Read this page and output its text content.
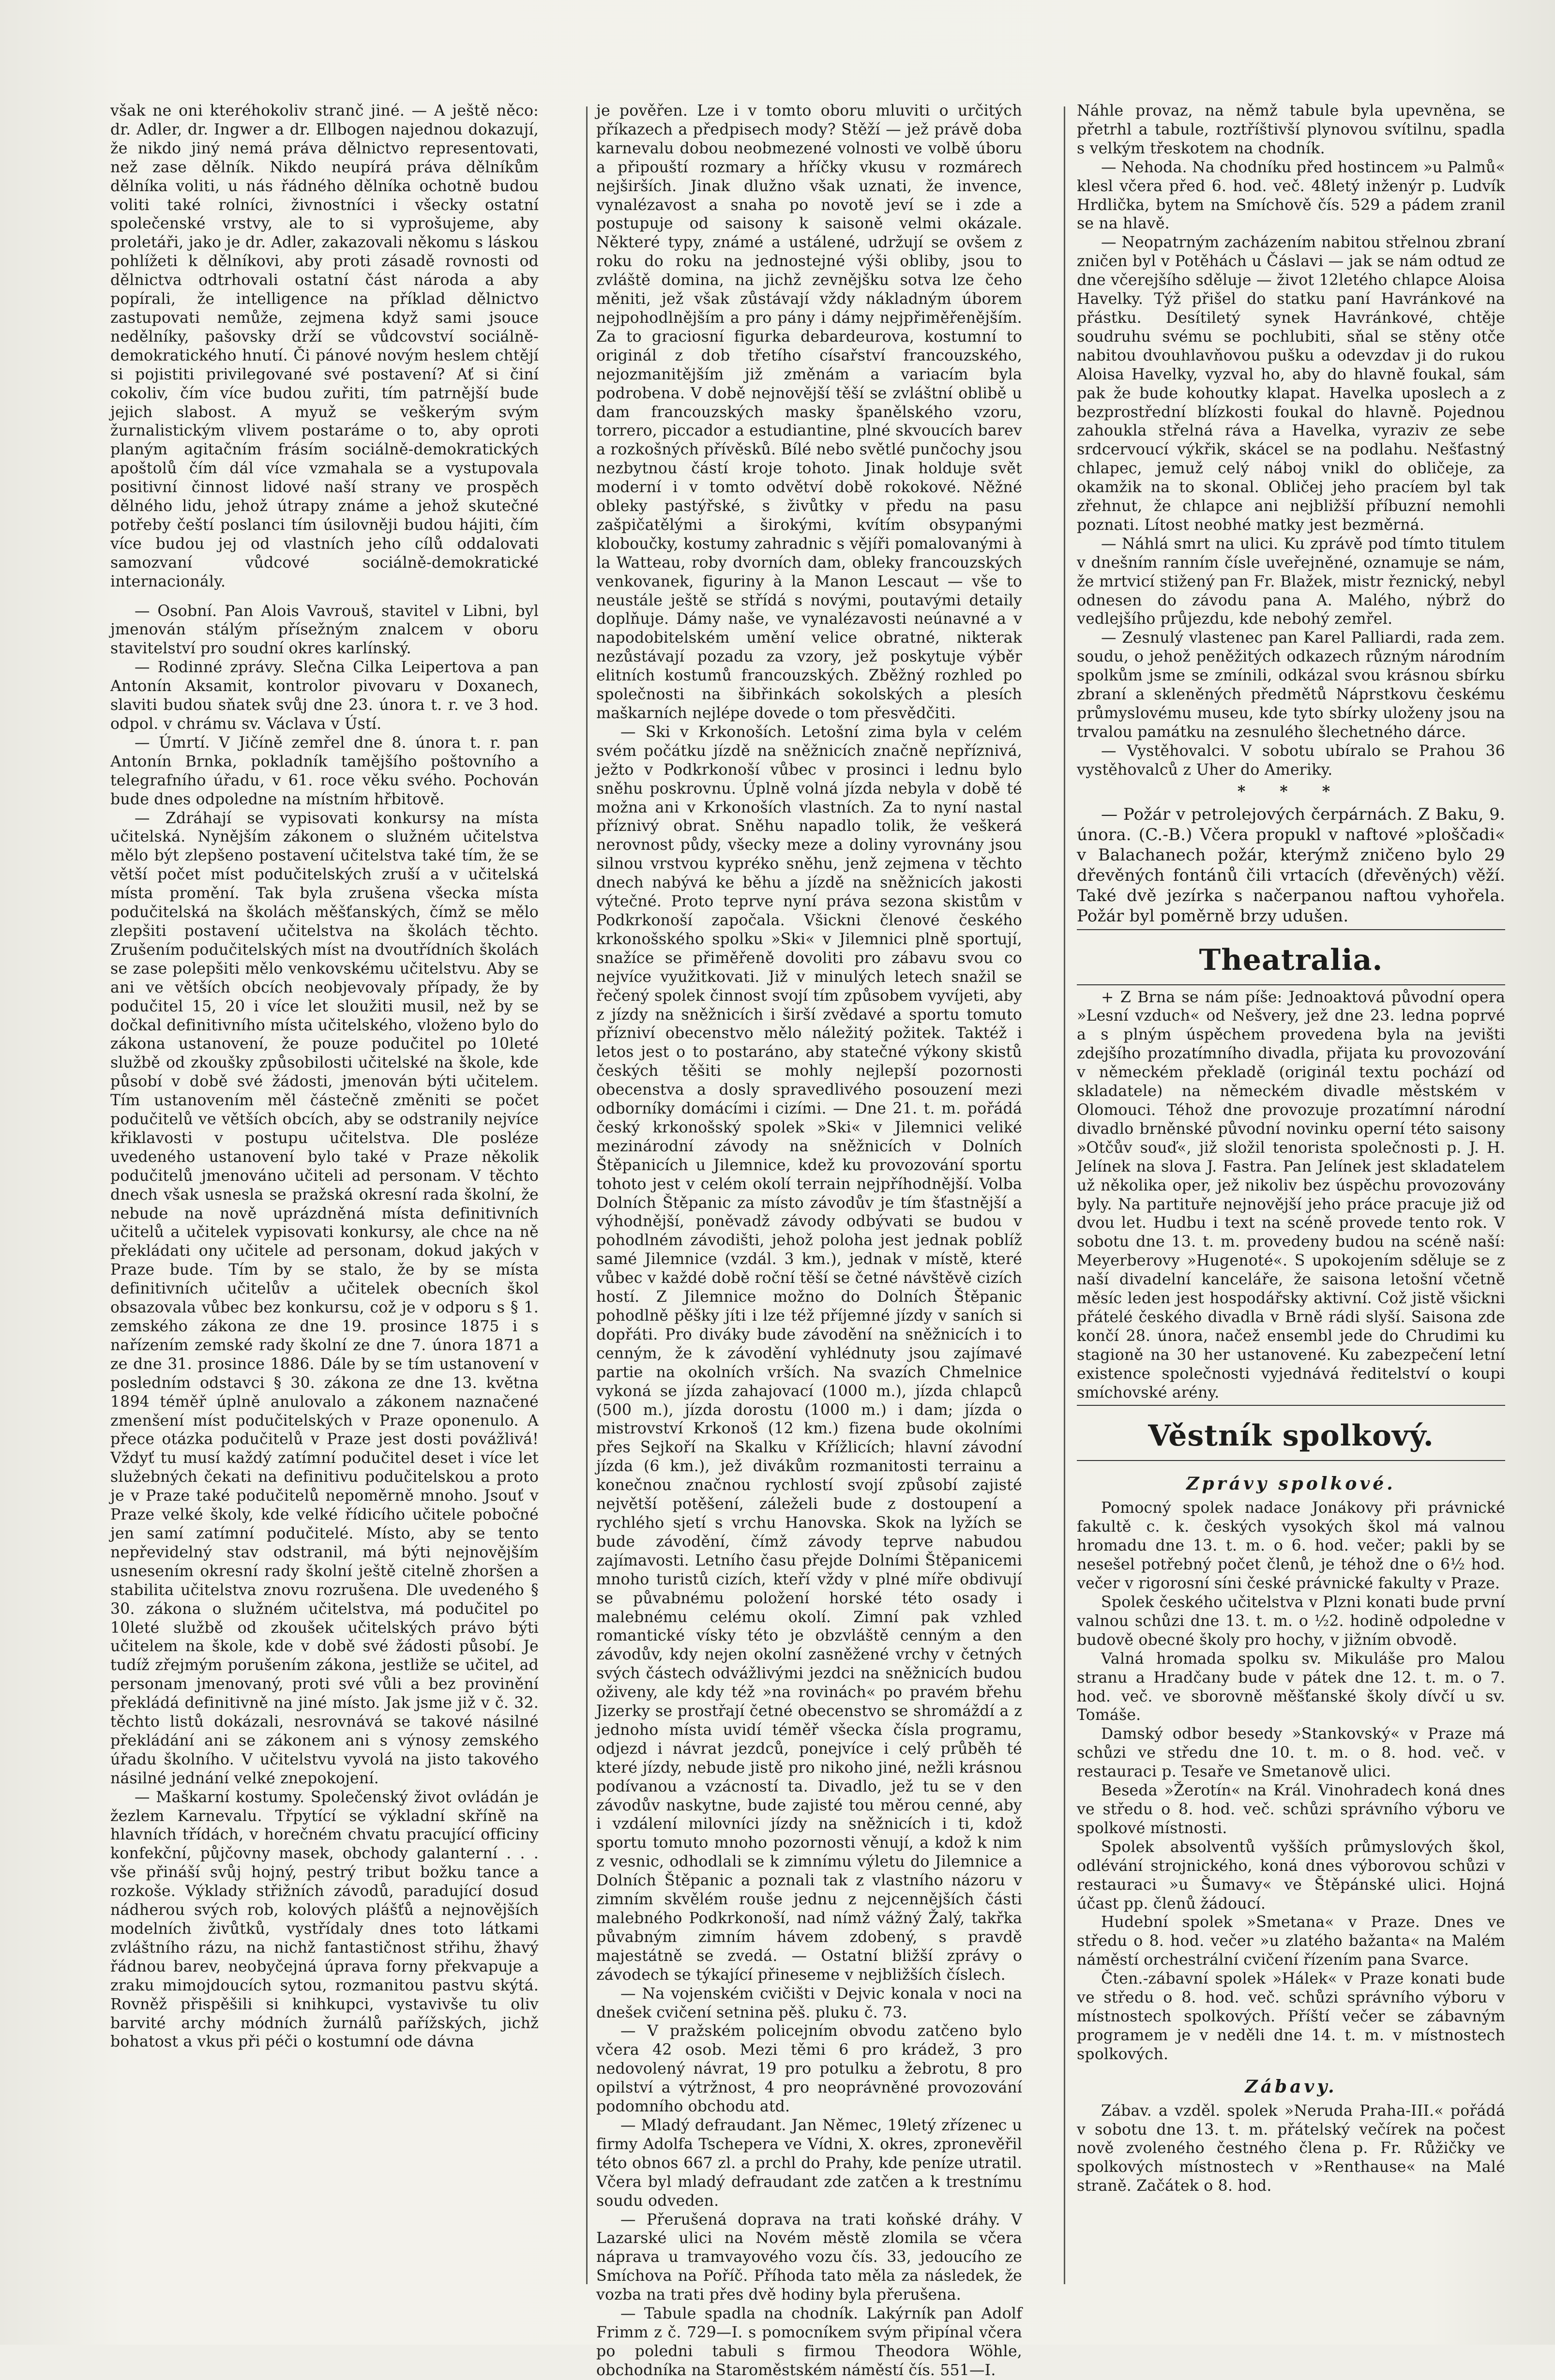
však ne oni kteréhokoliv stranč jiné. — A ještě něco: dr. Adler, dr. Ingwer a dr. Ellbogen najednou dokazují, že nikdo jiný nemá práva dělnictvo representovati, než zase dělník. Nikdo neupírá práva dělníkům dělníka voliti, u nás řádného dělníka ochotně budou voliti také rolníci, živnostníci i všecky ostatní společenské vrstvy, ale to si vyprošujeme, aby proletáři, jako je dr. Adler, zakazovali někomu s láskou pohlížeti k dělníkovi, aby proti zásadě rovnosti od dělnictva odtrhovali ostatní část národa a aby popírali, že intelligence na příklad dělnictvo zastupovati nemůže, zejmena když sami jsouce nedělníky, pašovsky drží se vůdcovství sociálně-demokratického hnutí. Či pánové novým heslem chtějí si pojistiti privilegované své postavení? Ať si činí cokoliv, čím více budou zuřiti, tím patrnější bude jejich slabost. A myuž se veškerým svým žurnalistickým vlivem postaráme o to, aby oproti planým agitačním frásím sociálně-demokratických apoštolů čím dál více vzmahala se a vystupovala positivní činnost lidové naší strany ve prospěch dělného lidu, jehož útrapy známe a jehož skutečné potřeby čeští poslanci tím úsilovněji budou hájiti, čím více budou jej od vlastních jeho cílů oddalovati samozvaní vůdcové sociálně-demokratické internacionály.

— Osobní. Pan Alois Vavrouš, stavitel v Libni, byl jmenován stálým přísežným znalcem v oboru stavitelství pro soudní okres karlínský.

— Rodinné zprávy. Slečna Cilka Leipertova a pan Antonín Aksamit, kontrolor pivovaru v Doxanech, slaviti budou sňatek svůj dne 23. února t. r. ve 3 hod. odpol. v chrámu sv. Václava v Ústí.

— Úmrtí. V Jičíně zemřel dne 8. února t. r. pan Antonín Brnka, pokladník tamějšího poštovního a telegrafního úřadu, v 61. roce věku svého. Pochován bude dnes odpoledne na místním hřbitově.

— Zdráhají se vypisovati konkursy na místa učitelská. Nynějším zákonem o služném učitelstva mělo být zlepšeno postavení učitelstva také tím, že se větší počet míst podučitelských zruší a v učitelská místa promění. Tak byla zrušena všecka místa podučitelská na školách měšťanských, čímž se mělo zlepšiti postavení učitelstva na školách těchto. Zrušením podučitelských míst na dvoutřídních školách se zase polepšiti mělo venkovskému učitelstvu. Aby se ani ve větších obcích neobjevovaly případy, že by podučitel 15, 20 i více let sloužiti musil, než by se dočkal definitivního místa učitelského, vloženo bylo do zákona ustanovení, že pouze podučitel po 10leté službě od zkoušky způsobilosti učitelské na škole, kde působí v době své žádosti, jmenován býti učitelem. Tím ustanovením měl částečně změniti se počet podučitelů ve větších obcích, aby se odstranily nejvíce křiklavosti v postupu učitelstva. Dle posléze uvedeného ustanovení bylo také v Praze několik podučitelů jmenováno učiteli ad personam. V těchto dnech však usnesla se pražská okresní rada školní, že nebude na nově uprázdněná místa definitivních učitelů a učitelek vypisovati konkursy, ale chce na ně překládati ony učitele ad personam, dokud jakých v Praze bude. Tím by se stalo, že by se místa definitivních učitelův a učitelek obecních škol obsazovala vůbec bez konkursu, což je v odporu s § 1. zemského zákona ze dne 19. prosince 1875 i s nařízením zemské rady školní ze dne 7. února 1871 a ze dne 31. prosince 1886. Dále by se tím ustanovení v posledním odstavci § 30. zákona ze dne 13. května 1894 téměř úplně anulovalo a zákonem naznačené zmenšení míst podučitelských v Praze oponenulo. A přece otázka podučitelů v Praze jest dosti povážlivá! Vždyť tu musí každý zatímní podučitel deset i více let služebných čekati na definitivu podučitelskou a proto je v Praze také podučitelů nepoměrně mnoho. Jsouť v Praze velké školy, kde velké řídicího učitele pobočné jen samí zatímní podučitelé. Místo, aby se tento nepřevidelný stav odstranil, má býti nejnovějším usnesením okresní rady školní ještě citelně zhoršen a stabilita učitelstva znovu rozrušena. Dle uvedeného § 30. zákona o služném učitelstva, má podučitel po 10leté službě od zkoušek učitelských právo býti učitelem na škole, kde v době své žádosti působí. Je tudíž zřejmým porušením zákona, jestliže se učitel, ad personam jmenovaný, proti své vůli a bez provinění překládá definitivně na jiné místo. Jak jsme již v č. 32. těchto listů dokázali, nesrovnává se takové násilné překládání ani se zákonem ani s výnosy zemského úřadu školního. V učitelstvu vyvolá na jisto takového násilné jednání velké znepokojení.

— Maškarní kostumy. Společenský život ovládán je žezlem Karnevalu. Třpytící se výkladní skříně na hlavních třídách, v horečném chvatu pracující officiny konfekční, půjčovny masek, obchody galanterní . . . vše přináší svůj hojný, pestrý tribut božku tance a rozkoše. Výklady střižních závodů, paradující dosud nádherou svých rob, kolových plášťů a nejnovějších modelních živůtků, vystřídaly dnes toto látkami zvláštního rázu, na nichž fantastičnost střihu, žhavý řádnou barev, neobyčejná úprava forny překvapuje a zraku mimojdoucích sytou, rozmanitou pastvu skýtá. Rovněž přispěšili si knihkupci, vystavivše tu oliv barvité archy módních žurnálů pařížských, jichž bohatost a vkus při péči o kostumní ode dávna

je pověřen. Lze i v tomto oboru mluviti o určitých příkazech a předpisech mody? Stěží — jež právě doba karnevalu dobou neobmezené volnosti ve volbě úboru a připouští rozmary a hříčky vkusu v rozmárech nejširších. Jinak dlužno však uznati, že invence, vynalézavost a snaha po novotě jeví se i zde a postupuje od saisony k saisoně velmi okázale. Některé typy, známé a ustálené, udržují se ovšem z roku do roku na jednostejné výši obliby, jsou to zvláště domina, na jichž zevnějšku sotva lze čeho měniti, jež však zůstávají vždy nákladným úborem nejpohodlnějším a pro pány i dámy nejpřiměřenějším. Za to graciosní figurka debardeurova, kostumní to originál z dob třetího císařství francouzského, nejozmanitějším již změnám a variacím byla podrobena. V době nejnovější těší se zvláštní oblibě u dam francouzských masky španělského vzoru, torrero, piccador a estudiantine, plné skvoucích barev a rozkošných přívěsků. Bílé nebo světlé punčochy jsou nezbytnou částí kroje tohoto. Jinak holduje svět moderní i v tomto odvětví době rokokové. Něžné obleky pastýřské, s živůtky v předu na pasu zašpičatělými a širokými, kvítím obsypanými kloboučky, kostumy zahradnic s vějíři pomalovanými à la Watteau, roby dvorních dam, obleky francouzských venkovanek, figuriny à la Manon Lescaut — vše to neustále ještě se střídá s novými, poutavými detaily doplňuje. Dámy naše, ve vynalézavosti neúnavné a v napodobitelském umění velice obratné, nikterak nezůstávají pozadu za vzory, jež poskytuje výběr elitních kostumů francouzských. Zběžný rozhled po společnosti na šibřinkách sokolských a plesích maškarních nejlépe dovede o tom přesvědčiti.

— Ski v Krkonoších. Letošní zima byla v celém svém počátku jízdě na sněžnicích značně nepříznivá, ježto v Podkrkonoší vůbec v prosinci i lednu bylo sněhu poskrovnu. Úplně volná jízda nebyla v době té možna ani v Krkonoších vlastních. Za to nyní nastal příznivý obrat. Sněhu napadlo tolik, že veškerá nerovnost půdy, všecky meze a doliny vyrovnány jsou silnou vrstvou kypréko sněhu, jenž zejmena v těchto dnech nabývá ke běhu a jízdě na sněžnicích jakosti výtečné. Proto teprve nyní práva sezona skistům v Podkrkonoší započala. Všickni členové českého krkonošského spolku »Ski« v Jilemnici plně sportují, snažíce se přiměřeně dovoliti pro zábavu svou co nejvíce využitkovati. Již v minulých letech snažil se řečený spolek činnost svojí tím způsobem vyvíjeti, aby z jízdy na sněžnicích i širší zvědavé a sportu tomuto přízniví obecenstvo mělo náležitý požitek. Taktéž i letos jest o to postaráno, aby statečné výkony skistů českých těšiti se mohly nejlepší pozornosti obecenstva a dosly spravedlivého posouzení mezi odborníky domácími i cizími. — Dne 21. t. m. pořádá český krkonošský spolek »Ski« v Jilemnici veliké mezinárodní závody na sněžnicích v Dolních Štěpanicích u Jilemnice, kdež ku provozování sportu tohoto jest v celém okolí terrain nejpříhodnější. Volba Dolních Štěpanic za místo závodův je tím šťastnější a výhodnější, poněvadž závody odbývati se budou v pohodlném závodišti, jehož poloha jest jednak poblíž samé Jilemnice (vzdál. 3 km.), jednak v místě, které vůbec v každé době roční těší se četné návštěvě cizích hostí. Z Jilemnice možno do Dolních Štěpanic pohodlně pěšky jíti i lze též příjemné jízdy v saních si dopřáti. Pro diváky bude závodění na sněžnicích i to cenným, že k závodění vyhlédnuty jsou zajímavé partie na okolních vrších. Na svazích Chmelnice vykoná se jízda zahajovací (1000 m.), jízda chlapců (500 m.), jízda dorostu (1000 m.) i dam; jízda o mistrovství Krkonoš (12 km.) fizena bude okolními přes Sejkoří na Skalku v Křížlicích; hlavní závodní jízda (6 km.), jež divákům rozmanitosti terrainu a konečnou značnou rychlostí svojí způsobí zajisté největší potěšení, záleželi bude z dostoupení a rychlého sjetí s vrchu Hanovska. Skok na lyžích se bude závodění, čímž závody teprve nabudou zajímavosti. Letního času přejde Dolními Štěpanicemi mnoho turistů cizích, kteří vždy v plné míře obdivují se půvabnému položení horské této osady i malebnému celému okolí. Zimní pak vzhled romantické vísky této je obzvláště cenným a den závodův, kdy nejen okolní zasněžené vrchy v četných svých částech odvážlivými jezdci na sněžnicích budou oživeny, ale kdy též »na rovinách« po pravém břehu Jizerky se prostřají četné obecenstvo se shromáždí a z jednoho místa uvidí téměř všecka čísla programu, odjezd i návrat jezdců, ponejvíce i celý průběh té které jízdy, nebude jistě pro nikoho jiné, nežli krásnou podívanou a vzácností ta. Divadlo, jež tu se v den závodův naskytne, bude zajisté tou měrou cenné, aby i vzdálení milovníci jízdy na sněžnicích i ti, kdož sportu tomuto mnoho pozornosti věnují, a kdož k nim z vesnic, odhodlali se k zimnímu výletu do Jilemnice a Dolních Štěpanic a poznali tak z vlastního názoru v zimním skvělém rouše jednu z nejcennějších části malebného Podkrkonoší, nad nímž vážný Žalý, takřka půvabným zimním hávem zdobený, s pravdě majestátně se zvedá. — Ostatní bližší zprávy o závodech se týkající přineseme v nejbližších číslech.

— Na vojenském cvičišti v Dejvic konala v noci na dnešek cvičení setnina pěš. pluku č. 73.

— V pražském policejním obvodu zatčeno bylo včera 42 osob. Mezi těmi 6 pro krádež, 3 pro nedovolený návrat, 19 pro potulku a žebrotu, 8 pro opilství a výtržnost, 4 pro neoprávněné provozování podomního obchodu atd.

— Mladý defraudant. Jan Němec, 19letý zřízenec u firmy Adolfa Tschepera ve Vídni, X. okres, zpronevěřil této obnos 667 zl. a prchl do Prahy, kde peníze utratil. Včera byl mladý defraudant zde zatčen a k trestnímu soudu odveden.

— Přerušená doprava na trati koňské dráhy. V Lazarské ulici na Novém městě zlomila se včera náprava u tramvayového vozu čís. 33, jedoucího ze Smíchova na Poříč. Příhoda tato měla za následek, že vozba na trati přes dvě hodiny byla přerušena.

— Tabule spadla na chodník. Lakýrník pan Adolf Frimm z č. 729—I. s pomocníkem svým připínal včera po poledni tabuli s firmou Theodora Wöhle, obchodníka na Staroměstském náměstí čís. 551—I.

Náhle provaz, na němž tabule byla upevněna, se přetrhl a tabule, roztříštivší plynovou svítilnu, spadla s velkým třeskotem na chodník.

— Nehoda. Na chodníku před hostincem »u Palmů« klesl včera před 6. hod. več. 48letý inženýr p. Ludvík Hrdlička, bytem na Smíchově čís. 529 a pádem zranil se na hlavě.

— Neopatrným zacházením nabitou střelnou zbraní zničen byl v Potěhách u Čáslavi — jak se nám odtud ze dne včerejšího sděluje — život 12letého chlapce Aloisa Havelky. Týž přišel do statku paní Havránkové na přástku. Desítiletý synek Havránkové, chtěje soudruhu svému se pochlubiti, sňal se stěny otče nabitou dvouhlavňovou pušku a odevzdav ji do rukou Aloisa Havelky, vyzval ho, aby do hlavně foukal, sám pak že bude kohoutky klapat. Havelka uposlech a z bezprostřední blízkosti foukal do hlavně. Pojednou zahoukla střelná ráva a Havelka, vyraziv ze sebe srdcervoucí výkřik, skácel se na podlahu. Nešťastný chlapec, jemuž celý náboj vnikl do obličeje, za okamžik na to skonal. Obličej jeho pracíem byl tak zřehnut, že chlapce ani nejbližší příbuzní nemohli poznati. Lítost neobhé matky jest bezměrná.

— Náhlá smrt na ulici. Ku zprávě pod tímto titulem v dnešním ranním čísle uveřejněné, oznamuje se nám, že mrtvicí stižený pan Fr. Blažek, mistr řeznický, nebyl odnesen do závodu pana A. Malého, nýbrž do vedlejšího průjezdu, kde nebohý zemřel.

— Zesnulý vlastenec pan Karel Palliardi, rada zem. soudu, o jehož peněžitých odkazech různým národním spolkům jsme se zmínili, odkázal svou krásnou sbírku zbraní a skleněných předmětů Náprstkovu českému průmyslovému museu, kde tyto sbírky uloženy jsou na trvalou památku na zesnulého šlechetného dárce.

— Vystěhovalci. V sobotu ubíralo se Prahou 36 vystěhovalců z Uher do Ameriky.

* * *

— Požár v petrolejových čerpárnách. Z Baku, 9. února. (C.-B.) Včera propukl v naftové »ploščadi« v Balachanech požár, kterýmž zničeno bylo 29 dřevěných fontánů čili vrtacích (dřevěných) věží. Také dvě jezírka s načerpanou naftou vyhořela. Požár byl poměrně brzy udušen.

Theatralia.

+ Z Brna se nám píše: Jednoaktová původní opera »Lesní vzduch« od Nešvery, jež dne 23. ledna poprvé a s plným úspěchem provedena byla na jevišti zdejšího prozatímního divadla, přijata ku provozování v německém překladě (originál textu pochází od skladatele) na německém divadle městském v Olomouci. Téhož dne provozuje prozatímní národní divadlo brněnské původní novinku operní této saisony »Otčův souď«, již složil tenorista společnosti p. J. H. Jelínek na slova J. Fastra. Pan Jelínek jest skladatelem už několika oper, jež nikoliv bez úspěchu provozovány byly. Na partituře nejnovější jeho práce pracuje již od dvou let. Hudbu i text na scéně provede tento rok. V sobotu dne 13. t. m. provedeny budou na scéně naší: Meyerberovy »Hugenoté«. S upokojením sděluje se z naší divadelní kanceláře, že saisona letošní včetně měsíc leden jest hospodářsky aktivní. Což jistě všickni přátelé českého divadla v Brně rádi slyší. Saisona zde končí 28. února, načež ensembl jede do Chrudimi ku stagioně na 30 her ustanovené. Ku zabezpečení letní existence společnosti vyjednává ředitelství o koupi smíchovské arény.

Věstník spolkový.
Zprávy spolkové.

Pomocný spolek nadace Jonákovy při právnické fakultě c. k. českých vysokých škol má valnou hromadu dne 13. t. m. o 6. hod. večer; pakli by se nesešel potřebný počet členů, je téhož dne o 6½ hod. večer v rigorosní síni české právnické fakulty v Praze.

Spolek českého učitelstva v Plzni konati bude první valnou schůzi dne 13. t. m. o ½2. hodině odpoledne v budově obecné školy pro hochy, v jižním obvodě.

Valná hromada spolku sv. Mikuláše pro Malou stranu a Hradčany bude v pátek dne 12. t. m. o 7. hod. več. ve sborovně měšťanské školy dívčí u sv. Tomáše.

Damský odbor besedy »Stankovský« v Praze má schůzi ve středu dne 10. t. m. o 8. hod. več. v restauraci p. Tesaře ve Smetanově ulici.

Beseda »Žerotín« na Král. Vinohradech koná dnes ve středu o 8. hod. več. schůzi správního výboru ve spolkové místnosti.

Spolek absolventů vyšších průmyslových škol, odlévání strojnického, koná dnes výborovou schůzi v restauraci »u Šumavy« ve Štěpánské ulici. Hojná účast pp. členů žádoucí.

Hudební spolek »Smetana« v Praze. Dnes ve středu o 8. hod. večer »u zlatého bažanta« na Malém náměstí orchestrální cvičení řízením pana Svarce.

Čten.-zábavní spolek »Hálek« v Praze konati bude ve středu o 8. hod. več. schůzi správního výboru v místnostech spolkových. Příští večer se zábavným programem je v neděli dne 14. t. m. v místnostech spolkových.

Zábavy.

Zábav. a vzděl. spolek »Neruda Praha-III.« pořádá v sobotu dne 13. t. m. přátelský večírek na počest nově zvoleného čestného člena p. Fr. Růžičky ve spolkových místnostech v »Renthause« na Malé straně. Začátek o 8. hod.
